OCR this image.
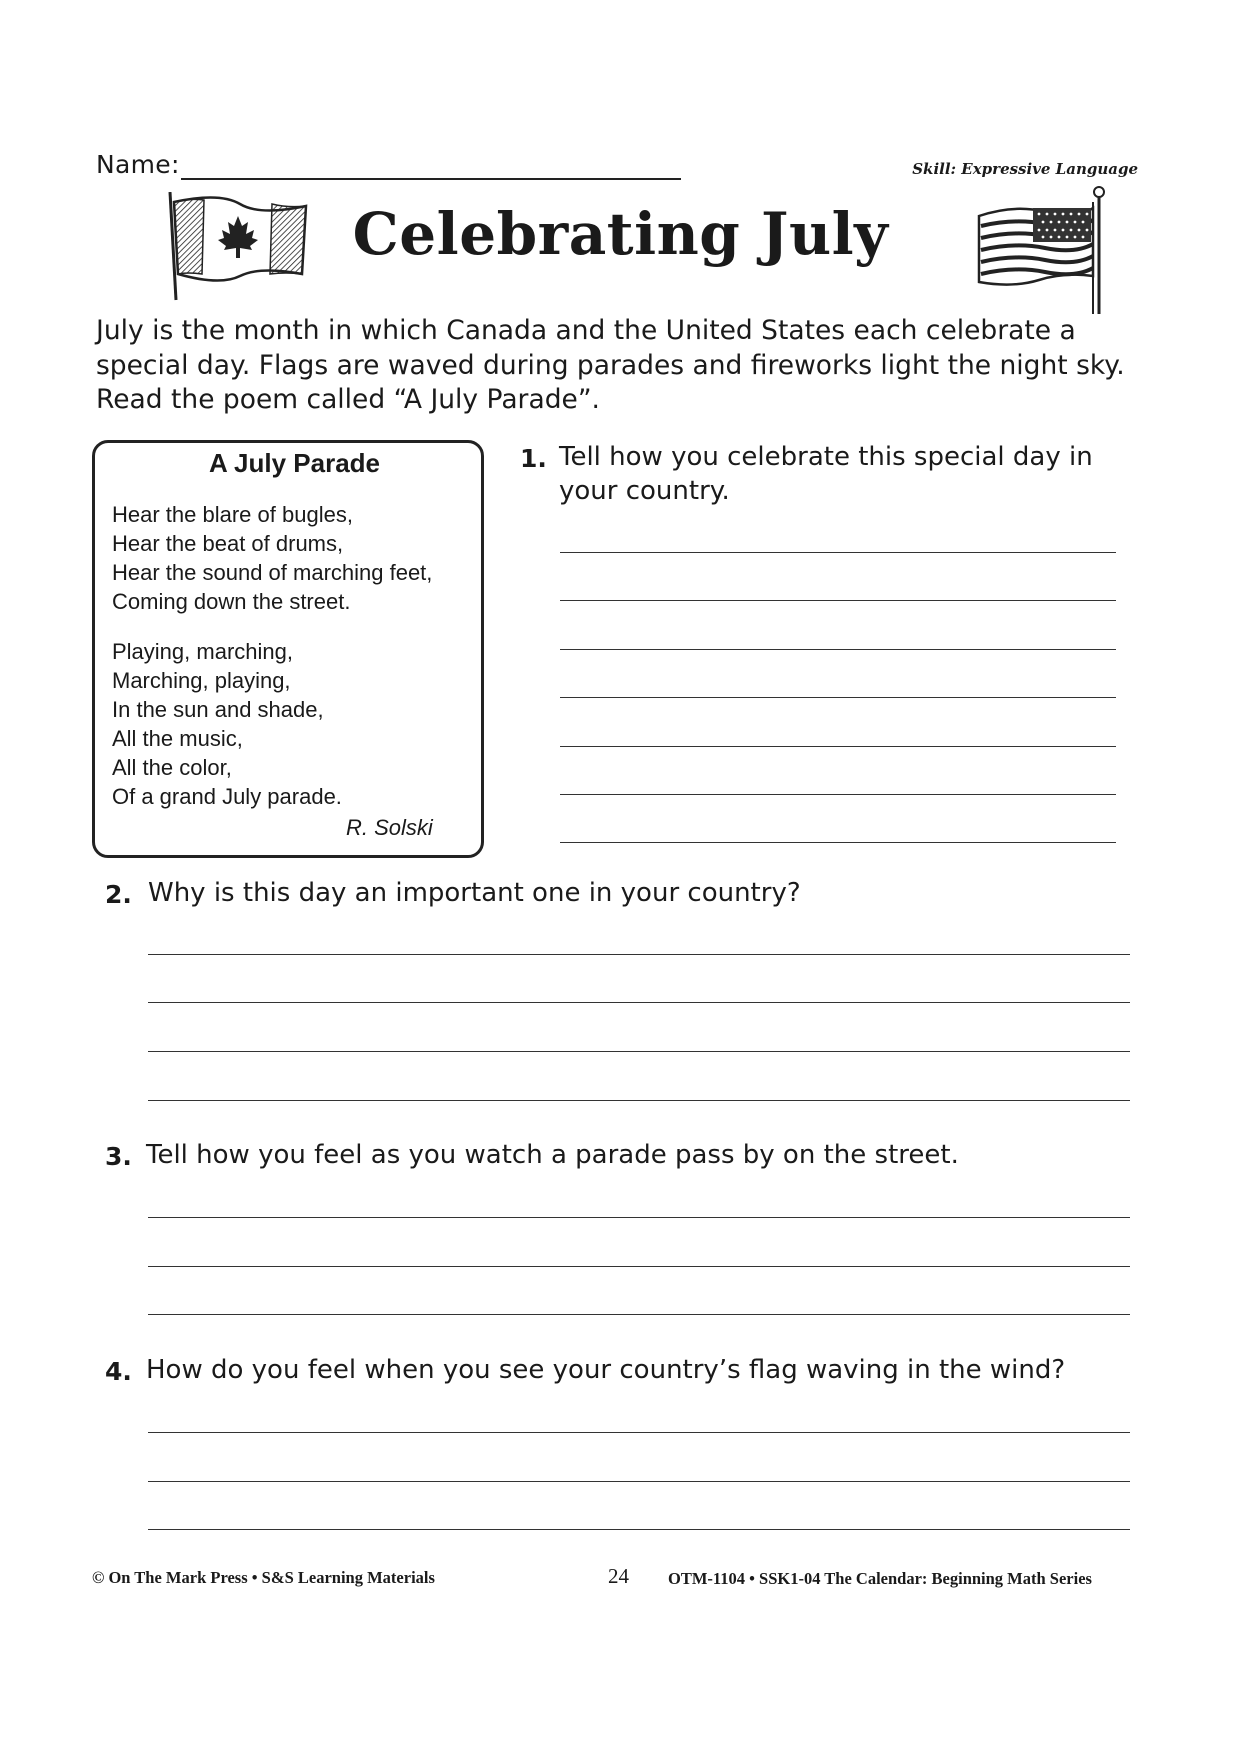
Name:	Skill: Expressive Language
Celebrating July
July is the month in which Canada and the United States each celebrate a special day. Flags are waved during parades and fireworks light the night sky. Read the poem called “A July Parade”.
A July Parade
Hear the blare of bugles,
Hear the beat of drums,
Hear the sound of marching feet,
Coming down the street.
Playing, marching,
Marching, playing,
In the sun and shade,
All the music,
All the color,
Of a grand July parade.
R. Solski
1. Tell how you celebrate this special day in your country.
2. Why is this day an important one in your country?
3. Tell how you feel as you watch a parade pass by on the street.
4. How do you feel when you see your country’s flag waving in the wind?
© On The Mark Press • S&S Learning Materials	24 OTM-1104 • SSK1-04 The Calendar: Beginning Math Series
